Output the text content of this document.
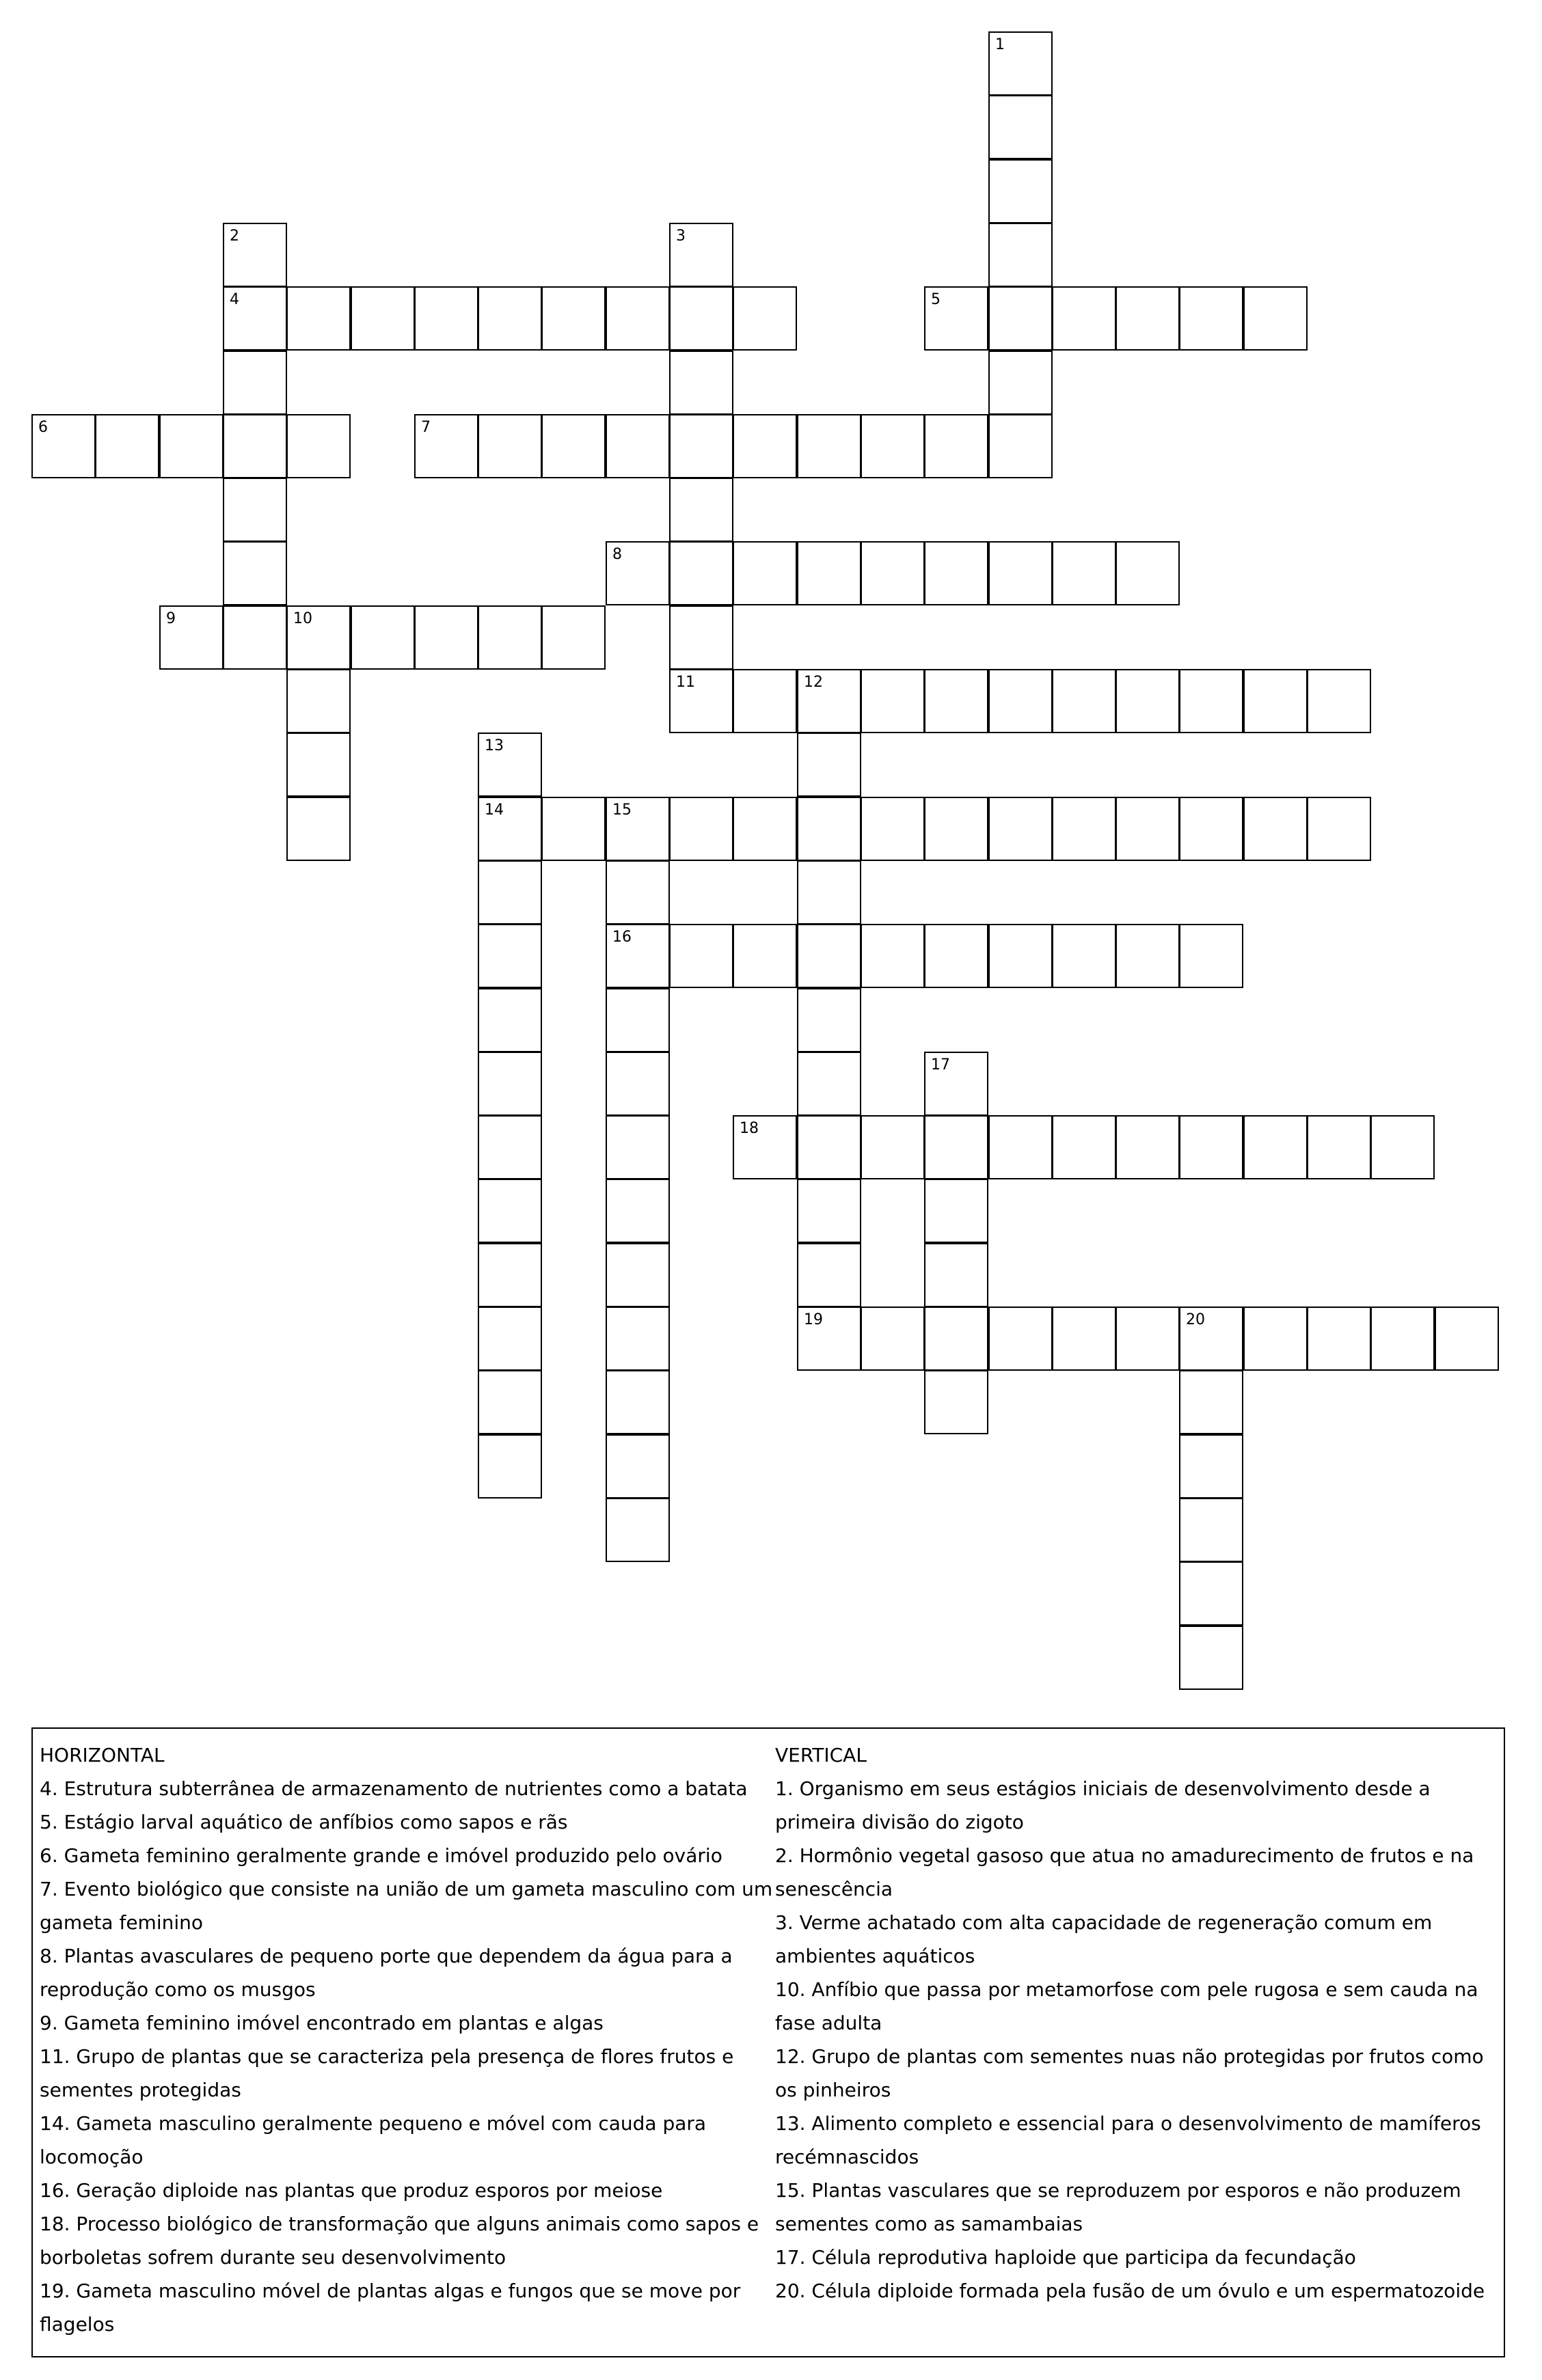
1
2
4
3
5
6	7
8
9	10
11	12
19
13
14	15
16
17
18
20
HORIZONTAL
4. Estrutura subterrânea de armazenamento de nutrientes como a batata
5. Estágio larval aquático de anfíbios como sapos e rãs
6. Gameta feminino geralmente grande e imóvel produzido pelo ovário
7. Evento biológico que consiste na união de um gameta masculino com um gameta feminino
8. Plantas avasculares de pequeno porte que dependem da água para a reprodução como os musgos
9. Gameta feminino imóvel encontrado em plantas e algas
11. Grupo de plantas que se caracteriza pela presença de flores frutos e sementes protegidas
14. Gameta masculino geralmente pequeno e móvel com cauda para locomoção
16. Geração diploide nas plantas que produz esporos por meiose
18. Processo biológico de transformação que alguns animais como sapos e borboletas sofrem durante seu desenvolvimento
19. Gameta masculino móvel de plantas algas e fungos que se move por flagelos
VERTICAL
1. Organismo em seus estágios iniciais de desenvolvimento desde a primeira divisão do zigoto
2. Hormônio vegetal gasoso que atua no amadurecimento de frutos e na senescência
3. Verme achatado com alta capacidade de regeneração comum em ambientes aquáticos
10. Anfíbio que passa por metamorfose com pele rugosa e sem cauda na fase adulta
12. Grupo de plantas com sementes nuas não protegidas por frutos como os pinheiros
13. Alimento completo e essencial para o desenvolvimento de mamíferos recémnascidos
15. Plantas vasculares que se reproduzem por esporos e não produzem sementes como as samambaias
17. Célula reprodutiva haploide que participa da fecundação
20. Célula diploide formada pela fusão de um óvulo e um espermatozoide
